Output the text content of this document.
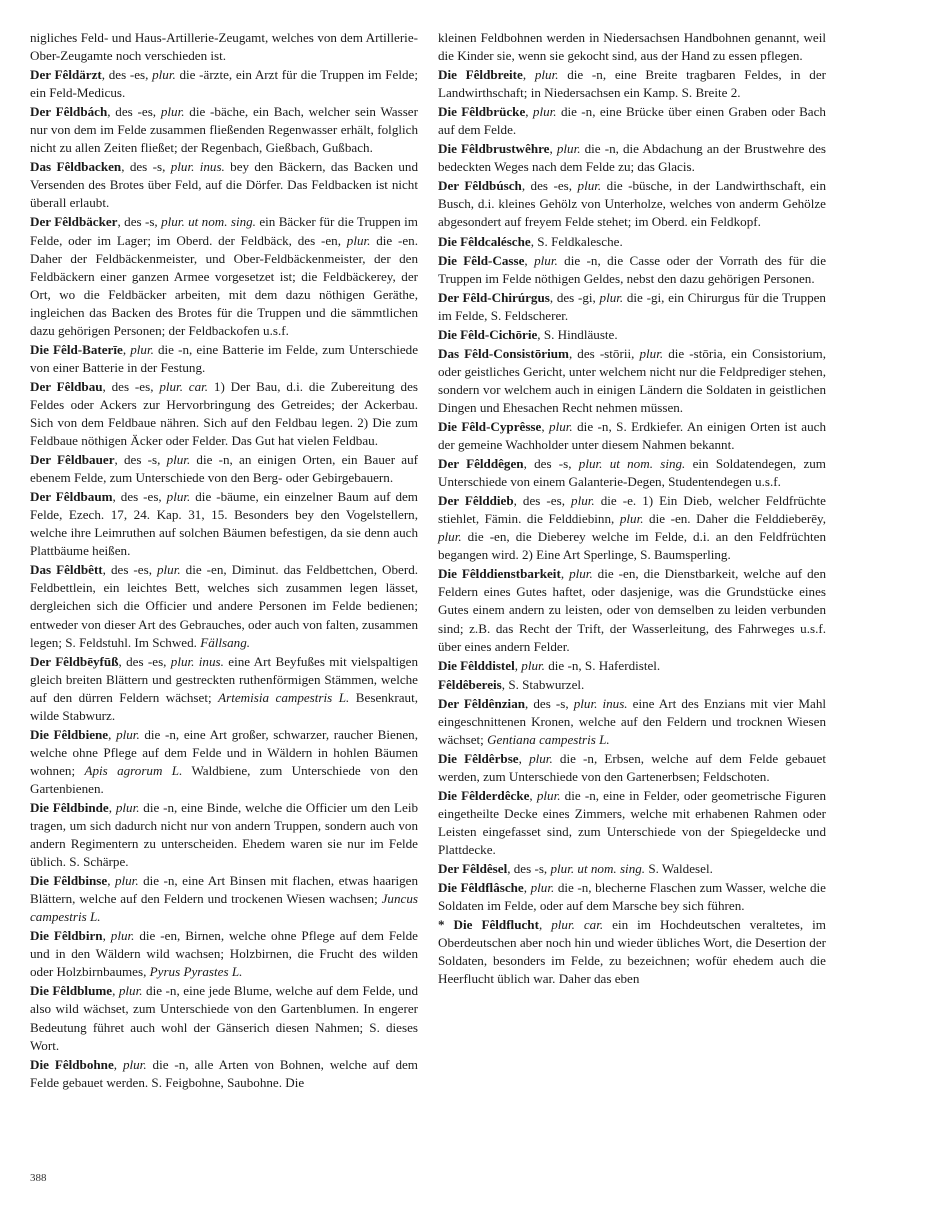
nigliches Feld- und Haus-Artillerie-Zeugamt, welches von dem Artillerie-Ober-Zeugamte noch verschieden ist.

Der Fêldärzt, des -es, plur. die -ärzte, ein Arzt für die Truppen im Felde; ein Feld-Medicus.

Der Fêldbách, des -es, plur. die -bäche, ein Bach, welcher sein Wasser nur von dem im Felde zusammen fließenden Regenwasser erhält, folglich nicht zu allen Zeiten fließet; der Regenbach, Gießbach, Gußbach.

Das Fêldbacken, des -s, plur. inus. bey den Bäckern, das Backen und Versenden des Brotes über Feld, auf die Dörfer. Das Feldbacken ist nicht überall erlaubt.

Der Fêldbäcker, des -s, plur. ut nom. sing. ein Bäcker für die Truppen im Felde, oder im Lager; im Oberd. der Feldbäck, des -en, plur. die -en. Daher der Feldbäckenmeister, und Ober-Feldbäckenmeister, der den Feldbäckern einer ganzen Armee vorgesetzet ist; die Feldbäckerey, der Ort, wo die Feldbäcker arbeiten, mit dem dazu nöthigen Geräthe, ingleichen das Backen des Brotes für die Truppen und die sämmtlichen dazu gehörigen Personen; der Feldbackofen u.s.f.

Die Fêld-Baterīe, plur. die -n, eine Batterie im Felde, zum Unterschiede von einer Batterie in der Festung.

Der Fêldbau, des -es, plur. car. 1) Der Bau, d.i. die Zubereitung des Feldes oder Ackers zur Hervorbringung des Getreides; der Ackerbau. Sich von dem Feldbaue nähren. Sich auf den Feldbau legen. 2) Die zum Feldbaue nöthigen Äcker oder Felder. Das Gut hat vielen Feldbau.

Der Fêldbauer, des -s, plur. die -n, an einigen Orten, ein Bauer auf ebenem Felde, zum Unterschiede von den Berg- oder Gebirgebauern.

Der Fêldbaum, des -es, plur. die -bäume, ein einzelner Baum auf dem Felde, Ezech. 17, 24. Kap. 31, 15. Besonders bey den Vogelstellern, welche ihre Leimruthen auf solchen Bäumen befestigen, da sie denn auch Plattbäume heißen.

Das Fêldbêtt, des -es, plur. die -en, Diminut. das Feldbettchen, Oberd. Feldbettlein, ein leichtes Bett, welches sich zusammen legen lässet, dergleichen sich die Officier und andere Personen im Felde bedienen; entweder von dieser Art des Gebrauches, oder auch von falten, zusammen legen; S. Feldstuhl. Im Schwed. Fällsang.

Der Fêldbēyfūß, des -es, plur. inus. eine Art Beyfußes mit vielspaltigen gleich breiten Blättern und gestreckten ruthenförmigen Stämmen, welche auf den dürren Feldern wächset; Artemisia campestris L. Besenkraut, wilde Stabwurz.

Die Fêldbiene, plur. die -n, eine Art großer, schwarzer, raucher Bienen, welche ohne Pflege auf dem Felde und in Wäldern in hohlen Bäumen wohnen; Apis agrorum L. Waldbiene, zum Unterschiede von den Gartenbienen.

Die Fêldbinde, plur. die -n, eine Binde, welche die Officier um den Leib tragen, um sich dadurch nicht nur von andern Truppen, sondern auch von andern Regimentern zu unterscheiden. Ehedem waren sie nur im Felde üblich. S. Schärpe.

Die Fêldbinse, plur. die -n, eine Art Binsen mit flachen, etwas haarigen Blättern, welche auf den Feldern und trockenen Wiesen wachsen; Juncus campestris L.

Die Fêldbirn, plur. die -en, Birnen, welche ohne Pflege auf dem Felde und in den Wäldern wild wachsen; Holzbirnen, die Frucht des wilden oder Holzbirnbaumes, Pyrus Pyrastes L.

Die Fêldblume, plur. die -n, eine jede Blume, welche auf dem Felde, und also wild wächset, zum Unterschiede von den Gartenblumen. In engerer Bedeutung führet auch wohl der Gänserich diesen Nahmen; S. dieses Wort.

Die Fêldbohne, plur. die -n, alle Arten von Bohnen, welche auf dem Felde gebauet werden. S. Feigbohne, Saubohne. Die

kleinen Feldbohnen werden in Niedersachsen Handbohnen genannt, weil die Kinder sie, wenn sie gekocht sind, aus der Hand zu essen pflegen.

Die Fêldbreite, plur. die -n, eine Breite tragbaren Feldes, in der Landwirthschaft; in Niedersachsen ein Kamp. S. Breite 2.

Die Fêldbrücke, plur. die -n, eine Brücke über einen Graben oder Bach auf dem Felde.

Die Fêldbrustwêhre, plur. die -n, die Abdachung an der Brustwehre des bedeckten Weges nach dem Felde zu; das Glacis.

Der Fêldbúsch, des -es, plur. die -büsche, in der Landwirthschaft, ein Busch, d.i. kleines Gehölz von Unterholze, welches von anderm Gehölze abgesondert auf freyem Felde stehet; im Oberd. ein Feldkopf.

Die Fêldcalésche, S. Feldkalesche.

Die Fêld-Casse, plur. die -n, die Casse oder der Vorrath des für die Truppen im Felde nöthigen Geldes, nebst den dazu gehörigen Personen.

Der Fêld-Chirúrgus, des -gi, plur. die -gi, ein Chirurgus für die Truppen im Felde, S. Feldscherer.

Die Fêld-Cichōrie, S. Hindläuste.

Das Fêld-Consistōrium, des -stōrii, plur. die -stōria, ein Consistorium, oder geistliches Gericht, unter welchem nicht nur die Feldprediger stehen, sondern vor welchem auch in einigen Ländern die Soldaten in geistlichen Dingen und Ehesachen Recht nehmen müssen.

Die Fêld-Cyprêsse, plur. die -n, S. Erdkiefer. An einigen Orten ist auch der gemeine Wachholder unter diesem Nahmen bekannt.

Der Fêlddêgen, des -s, plur. ut nom. sing. ein Soldatendegen, zum Unterschiede von einem Galanterie-Degen, Studentendegen u.s.f.

Der Fêlddieb, des -es, plur. die -e. 1) Ein Dieb, welcher Feldfrüchte stiehlet, Fämin. die Felddiebinn, plur. die -en. Daher die Felddieberēy, plur. die -en, die Dieberey welche im Felde, d.i. an den Feldfrüchten begangen wird. 2) Eine Art Sperlinge, S. Baumsperling.

Die Fêlddienstbarkeit, plur. die -en, die Dienstbarkeit, welche auf den Feldern eines Gutes haftet, oder dasjenige, was die Grundstücke eines Gutes einem andern zu leisten, oder von demselben zu leiden verbunden sind; z.B. das Recht der Trift, der Wasserleitung, des Fahrweges u.s.f. über eines andern Felder.

Die Fêlddistel, plur. die -n, S. Haferdistel.

Fêldêbereis, S. Stabwurzel.

Der Fêldênzian, des -s, plur. inus. eine Art des Enzians mit vier Mahl eingeschnittenen Kronen, welche auf den Feldern und trocknen Wiesen wächset; Gentiana campestris L.

Die Fêldêrbse, plur. die -n, Erbsen, welche auf dem Felde gebauet werden, zum Unterschiede von den Gartenerbsen; Feldschoten.

Die Fêlderdêcke, plur. die -n, eine in Felder, oder geometrische Figuren eingetheilte Decke eines Zimmers, welche mit erhabenen Rahmen oder Leisten eingefasset sind, zum Unterschiede von der Spiegeldecke und Plattdecke.

Der Fêldêsel, des -s, plur. ut nom. sing. S. Waldesel.

Die Fêldflâsche, plur. die -n, blecherne Flaschen zum Wasser, welche die Soldaten im Felde, oder auf dem Marsche bey sich führen.

* Die Fêldflucht, plur. car. ein im Hochdeutschen veraltetes, im Oberdeutschen aber noch hin und wieder übliches Wort, die Desertion der Soldaten, besonders im Felde, zu bezeichnen; wofür ehedem auch die Heerflucht üblich war. Daher das eben

388
